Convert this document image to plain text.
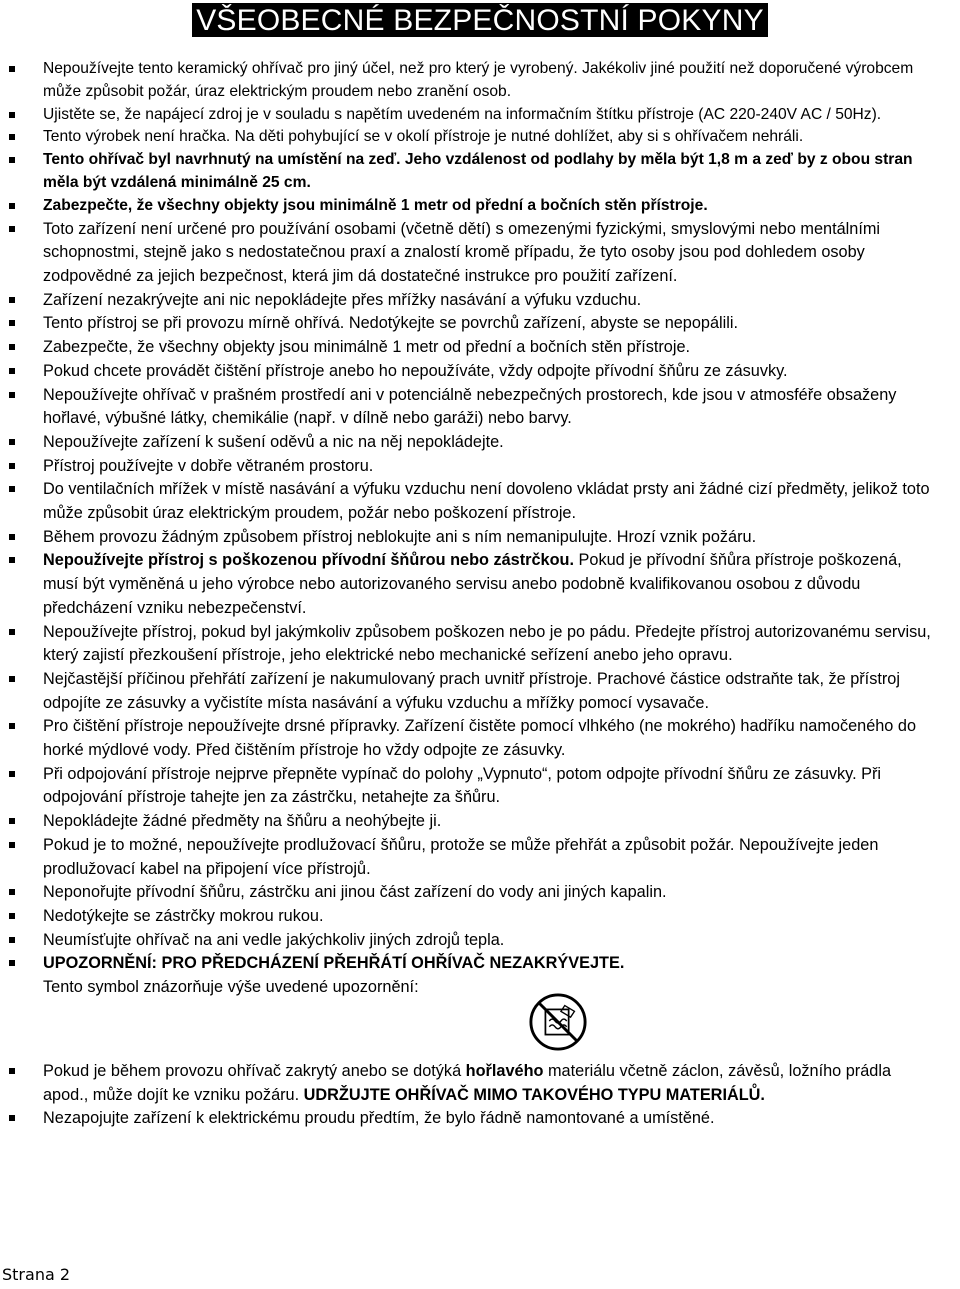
VŠEOBECNÉ BEZPEČNOSTNÍ POKYNY
Nepoužívejte tento keramický ohřívač pro jiný účel, než pro který je vyrobený. Jakékoliv jiné použití než doporučené výrobcem může způsobit požár, úraz elektrickým proudem nebo zranění osob.
Ujistěte se, že napájecí zdroj je v souladu s napětím uvedeném na informačním štítku přístroje (AC 220-240V AC / 50Hz).
Tento výrobek není hračka. Na děti pohybující se v okolí přístroje je nutné dohlížet, aby si s ohřívačem nehráli.
Tento ohřívač byl navrhnutý na umístění na zeď. Jeho vzdálenost od podlahy by měla být 1,8 m a zeď by z obou stran měla být vzdálená minimálně 25 cm.
Zabezpečte, že všechny objekty jsou minimálně 1 metr od přední a bočních stěn přístroje.
Toto zařízení není určené pro používání osobami (včetně dětí) s omezenými fyzickými, smyslovými nebo mentálními schopnostmi, stejně jako s nedostatečnou praxí a znalostí kromě případu, že tyto osoby jsou pod dohledem osoby zodpovědné za jejich bezpečnost, která jim dá dostatečné instrukce pro použití zařízení.
Zařízení nezakrývejte ani nic nepokládejte přes mřížky nasávání a výfuku vzduchu.
Tento přístroj se při provozu mírně ohřívá. Nedotýkejte se povrchů zařízení, abyste se nepopálili.
Zabezpečte, že všechny objekty jsou minimálně 1 metr od přední a bočních stěn přístroje.
Pokud chcete provádět čištění přístroje anebo ho nepoužíváte, vždy odpojte přívodní šňůru ze zásuvky.
Nepoužívejte ohřívač v prašném prostředí ani v potenciálně nebezpečných prostorech, kde jsou v atmosféře obsaženy hořlavé, výbušné látky, chemikálie (např. v dílně nebo garáži) nebo barvy.
Nepoužívejte zařízení k sušení oděvů a nic na něj nepokládejte.
Přístroj používejte v dobře větraném prostoru.
Do ventilačních mřížek v místě nasávání a výfuku vzduchu není dovoleno vkládat prsty ani žádné cizí předměty, jelikož toto může způsobit úraz elektrickým proudem, požár nebo poškození přístroje.
Během provozu žádným způsobem přístroj neblokujte ani s ním nemanipulujte. Hrozí vznik požáru.
Nepoužívejte přístroj s poškozenou přívodní šňůrou nebo zástrčkou. Pokud je přívodní šňůra přístroje poškozená, musí být vyměněná u jeho výrobce nebo autorizovaného servisu anebo podobně kvalifikovanou osobou z důvodu předcházení vzniku nebezpečenství.
Nepoužívejte přístroj, pokud byl jakýmkoliv způsobem poškozen nebo je po pádu. Předejte přístroj autorizovanému servisu, který zajistí přezkoušení přístroje, jeho elektrické nebo mechanické seřízení anebo jeho opravu.
Nejčastější příčinou přehřátí zařízení je nakumulovaný prach uvnitř přístroje. Prachové částice odstraňte tak, že přístroj odpojíte ze zásuvky a vyčistíte místa nasávání a výfuku vzduchu a mřížky pomocí vysavače.
Pro čištění přístroje nepoužívejte drsné přípravky. Zařízení čistěte pomocí vlhkého (ne mokrého) hadříku namočeného do horké mýdlové vody. Před čištěním přístroje ho vždy odpojte ze zásuvky.
Při odpojování přístroje nejprve přepněte vypínač do polohy „Vypnuto“, potom odpojte přívodní šňůru ze zásuvky. Při odpojování přístroje tahejte jen za zástrčku, netahejte za šňůru.
Nepokládejte žádné předměty na šňůru a neohýbejte ji.
Pokud je to možné, nepoužívejte prodlužovací šňůru, protože se může přehřát a způsobit požár. Nepoužívejte jeden prodlužovací kabel na připojení více přístrojů.
Neponořujte přívodní šňůru, zástrčku ani jinou část zařízení do vody ani jiných kapalin.
Nedotýkejte se zástrčky mokrou rukou.
Neumísťujte ohřívač na ani vedle jakýchkoliv jiných zdrojů tepla.
UPOZORNĚNÍ: PRO PŘEDCHÁZENÍ PŘEHŘÁTÍ OHŘÍVAČ NEZAKRÝVEJTE.
Tento symbol znázorňuje výše uvedené upozornění:
Pokud je během provozu ohřívač zakrytý anebo se dotýká hořlavého materiálu včetně záclon, závěsů, ložního prádla apod., může dojít ke vzniku požáru. UDRŽUJTE OHŘÍVAČ MIMO TAKOVÉHO TYPU MATERIÁLŮ.
Nezapojujte zařízení k elektrickému proudu předtím, že bylo řádně namontované a umístěné.
Strana 2
